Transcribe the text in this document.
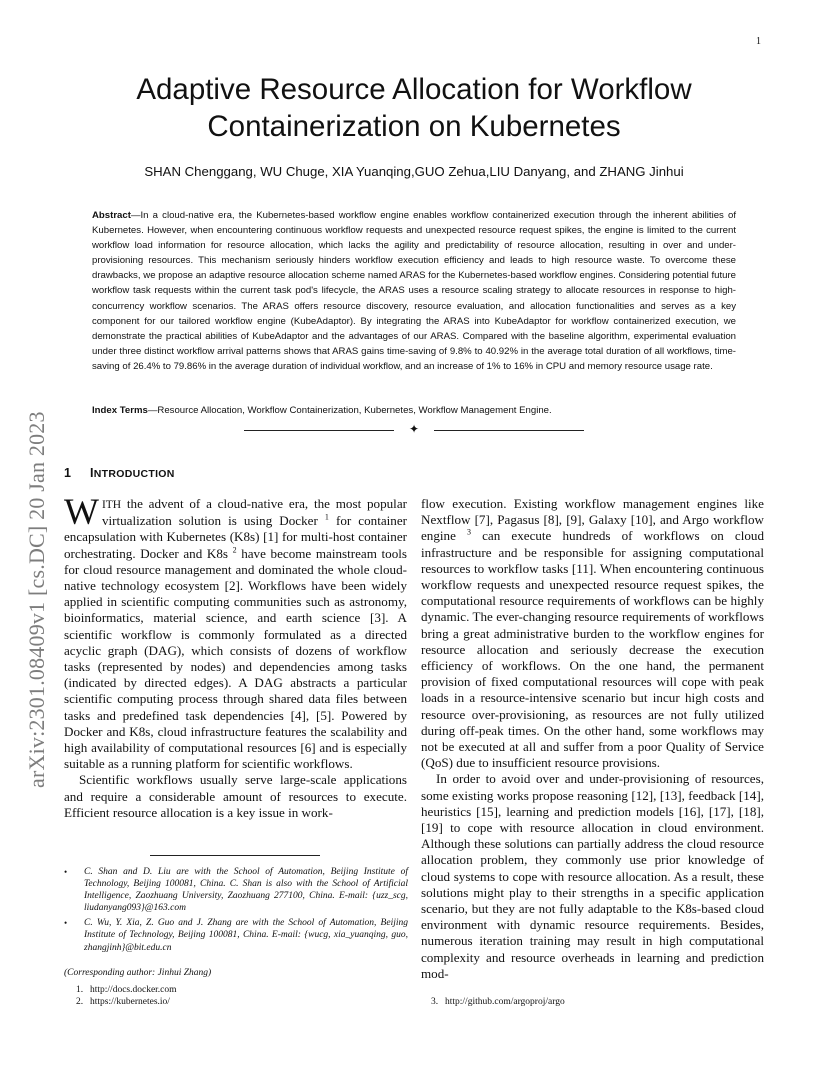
1
arXiv:2301.08409v1 [cs.DC] 20 Jan 2023
Adaptive Resource Allocation for Workflow
Containerization on Kubernetes
SHAN Chenggang, WU Chuge, XIA Yuanqing,GUO Zehua,LIU Danyang, and ZHANG Jinhui

Abstract—In a cloud-native era, the Kubernetes-based workflow engine enables workflow containerized execution through the inherent abilities of Kubernetes. However, when encountering continuous workflow requests and unexpected resource request spikes, the engine is limited to the current workflow load information for resource allocation, which lacks the agility and predictability of resource allocation, resulting in over and under-provisioning resources. This mechanism seriously hinders workflow execution efficiency and leads to high resource waste. To overcome these drawbacks, we propose an adaptive resource allocation scheme named ARAS for the Kubernetes-based workflow engines. Considering potential future workflow task requests within the current task pod's lifecycle, the ARAS uses a resource scaling strategy to allocate resources in response to high-concurrency workflow scenarios. The ARAS offers resource discovery, resource evaluation, and allocation functionalities and serves as a key component for our tailored workflow engine (KubeAdaptor). By integrating the ARAS into KubeAdaptor for workflow containerized execution, we demonstrate the practical abilities of KubeAdaptor and the advantages of our ARAS. Compared with the baseline algorithm, experimental evaluation under three distinct workflow arrival patterns shows that ARAS gains time-saving of 9.8% to 40.92% in the average total duration of all workflows, time-saving of 26.4% to 79.86% in the average duration of individual workflow, and an increase of 1% to 16% in CPU and memory resource usage rate.

Index Terms—Resource Allocation, Workflow Containerization, Kubernetes, Workflow Management Engine.
✦
1 INTRODUCTION

WITH the advent of a cloud-native era, the most popular virtualization solution is using Docker $^1$ for container encapsulation with Kubernetes (K8s) [1] for multi-host container orchestrating. Docker and K8s $^2$ have become mainstream tools for cloud resource management and dominated the whole cloud-native technology ecosystem [2]. Workflows have been widely applied in scientific computing communities such as astronomy, bioinformatics, material science, and earth science [3]. A scientific workflow is commonly formulated as a directed acyclic graph (DAG), which consists of dozens of workflow tasks (represented by nodes) and dependencies among tasks (indicated by directed edges). A DAG abstracts a particular scientific computing process through shared data files between tasks and predefined task dependencies [4], [5]. Powered by Docker and K8s, cloud infrastructure features the scalability and high availability of computational resources [6] and is especially suitable as a running platform for scientific workflows.

Scientific workflows usually serve large-scale applications and require a considerable amount of resources to execute. Efficient resource allocation is a key issue in work-

flow execution. Existing workflow management engines like Nextflow [7], Pagasus [8], [9], Galaxy [10], and Argo workflow engine $^3$ can execute hundreds of workflows on cloud infrastructure and be responsible for assigning computational resources to workflow tasks [11]. When encountering continuous workflow requests and unexpected resource request spikes, the computational resource requirements of workflows can be highly dynamic. The ever-changing resource requirements of workflows bring a great administrative burden to the workflow engines for resource allocation and seriously decrease the execution efficiency of workflows. On the one hand, the permanent provision of fixed computational resources will cope with peak loads in a resource-intensive scenario but incur high costs and resource over-provisioning, as resources are not fully utilized during off-peak times. On the other hand, some workflows may not be executed at all and suffer from a poor Quality of Service (QoS) due to insufficient resource provisions.

In order to avoid over and under-provisioning of resources, some existing works propose reasoning [12], [13], feedback [14], heuristics [15], learning and prediction models [16], [17], [18], [19] to cope with resource allocation in cloud environment. Although these solutions can partially address the cloud resource allocation problem, they commonly use prior knowledge of cloud systems to cope with resource allocation. As a result, these solutions might play to their strengths in a specific application scenario, but they are not fully adaptable to the K8s-based cloud environment with dynamic resource requirements. Besides, numerous iteration training may result in high computational complexity and resource overheads in learning and prediction mod-

• C. Shan and D. Liu are with the School of Automation, Beijing Institute of Technology, Beijing 100081, China. C. Shan is also with the School of Artificial Intelligence, Zaozhuang University, Zaozhuang 277100, China. E-mail: {uzz_scg, liudanyang093}@163.com
• C. Wu, Y. Xia, Z. Guo and J. Zhang are with the School of Automation, Beijing Institute of Technology, Beijing 100081, China. E-mail: {wucg, xia_yuanqing, guo, zhangjinh}@bit.edu.cn
(Corresponding author: Jinhui Zhang)
1. http://docs.docker.com
2. https://kubernetes.io/	3. http://github.com/argoproj/argo
